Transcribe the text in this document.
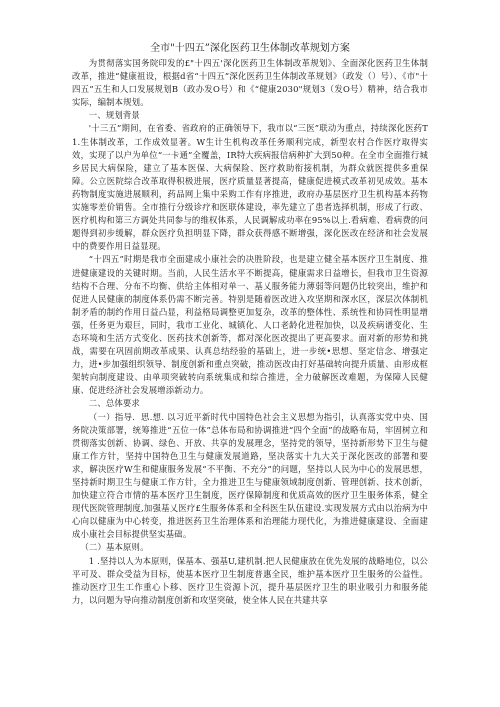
全市"十四五”深化医药卫生体制改革规划方案

为贯彻落实国务院印发的£"十四五'深化医药卫生体制改革规划》、全面深化医药卫生体制改革，推进“健康祖设，根据d省“十四五”深化医药卫生体制改革规划》（政发（）号）、《市"十四五”五生和人口发展规划B（政办发O号）和《“健康2030"规划3（发O号）精神，结合我市实际，编制本规划。

一、规划背景

'十三五”期间，在省委、省政府的正确领导下，我市以“三医”联动为重点，持续深化医药T1.生体制改革，工作成效显著。W生计生机构改革任务顺利完成，新型农村合作医疗取得实效，实现了以户为单位“一卡通”全覆盖，IR特大疾病报信病种扩大到50种。在全市全面推行城乡居民大病保险，建立了基本医保、大病保险、医疗救助衔接机制，为群众就医提供多重保障。公立医院综合改革取得积极进展，医疗质量显著提高，健康促进模式改革初见成效。基本药物制度实施进展顺利，药品网上集中采购工作有序推进，政府办基层医疗卫生机构基本药物实施零差价销售。全市推行分级诊疗和医联体建设，率先建立了患者选择机制，形成了行政、医疗机构和第三方调处共同参与的维权体系，人民调解成功率在95%以上.看病难、看病费的问题得到初步缓解，群众医疗负担明显下降，群众获得感不断增强，深化医改在经济和社会发展中的费要作用日益显现。

“十四五”时期是我市全面建成小康社会的决胜阶段，也是建立健全基本医疗卫生制度、推进健康建设的关键时期。当前，人民生活水平不断提高，健康需求日益增长，但我市卫生资源结构不合理、分布不均衡、供给主体相对单一、基乂服务能力薄弱等问题仍比较突出，维护和促进人民健康的制度体系仍需不断完善。特别是随着医改进入攻坚期和深水区，深层次体制机制矛盾的制约作用日益凸显，利益格局调整更加复杂，改革的整体性、系统性和协同性明显增强，任务更为艰巨，同时，我市工业化、城镇化、人口老龄化进程加快，以及疾病谱变化、生态环境和生活方式变化、医药技术创新等，都对深化医改提出了更高要求。面对新的形势和挑战，需要在巩固前期改革成果、认真总结经验的基础上，进一步统•思想、坚定信念、增强定力，进•步加强组织领导、制度创新和重点突破，推动医改由打好基础转向提升质量、由形成框架转向制度建设、由单项突破转向系统集成和综合推进，全力破解医改难题，为保障人民健康、促进经济社会发展增添新动力。

二、总体要求

（一）指导．思.想. 以习近平新时代中国特色社会主义思想为指引，认真落实党中央、国务院决策部署，统筹推进“五位一体”总体布局和协调推进“四个全面”的战略布局，牢固树立和贯彻落实创新、协调、绿色、开放、共享的发展理念，坚持党的领导，坚持新形势下卫生与健康工作方针，坚持中国特色卫生与健康发展道路，坚决落实十九大关于深化医改的部署和要求，解决医疗W生和健康服务发展“不平衡、不充分”的问题，坚持以人民为中心的发展思想，坚持新时期卫生与健康工作方针，全力推进卫生与健康领域制度创新、管理创新、技术创新，加快建立符合市情的基本医疗卫生制度，医疗保障制度和优质高效的医疗卫生服务体系，健全现代医院管理制度,加强基乂医疗£生服务体系和全科医生队伍建设.实现发展方式由以治病为中心向以健康为中心转变，推进医药卫生治理体系和治理能力现代化，为推进健康建设、全面建成小康社会目标提供坚实基础。

（二）基本原则。

1 .坚持以人为本原则，保基本、强基U,建机制.把人民健康放在优先发展的战略地位，以公平可及、群众受益为目标，使基本医疗卫生制度普惠全民，维护基本医疗卫生服务的公益性。推动医疗卫生工作重心卜移、医疗卫生资源卜沉，提升基层医疗卫生的职业吸引力和服务能力，以问题为导向推动制度创新和攻坚突破，使全体人民在共建共享
